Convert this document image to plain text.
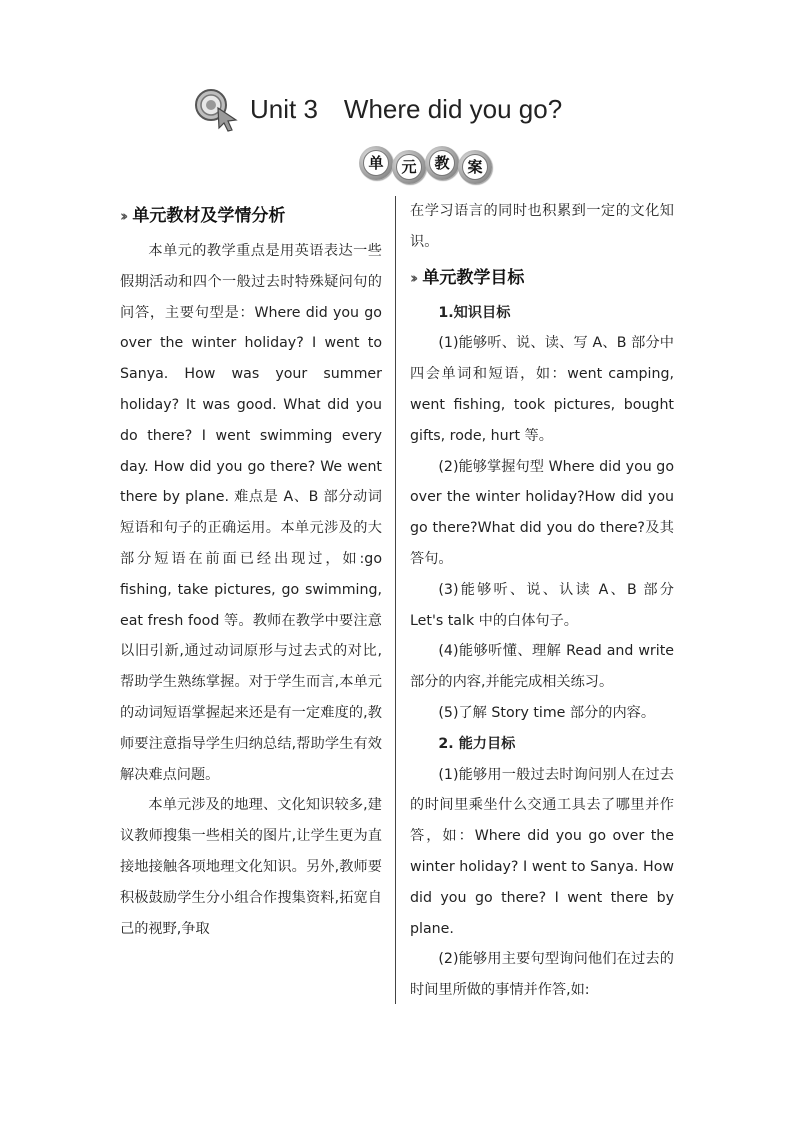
Unit 3 Where did you go?
单	元	教	案
›› 单元教材及学情分析

本单元的教学重点是用英语表达一些假期活动和四个一般过去时特殊疑问句的问答，主要句型是：Where did you go over the winter holiday? I went to Sanya. How was your summer holiday? It was good. What did you do there? I went swimming every day. How did you go there? We went there by plane. 难点是 A、B 部分动词短语和句子的正确运用。本单元涉及的大部分短语在前面已经出现过，如:go fishing, take pictures, go swimming, eat fresh food 等。教师在教学中要注意以旧引新,通过动词原形与过去式的对比,帮助学生熟练掌握。对于学生而言,本单元的动词短语掌握起来还是有一定难度的,教师要注意指导学生归纳总结,帮助学生有效解决难点问题。

本单元涉及的地理、文化知识较多,建议教师搜集一些相关的图片,让学生更为直接地接触各项地理文化知识。另外,教师要积极鼓励学生分小组合作搜集资料,拓宽自己的视野,争取

在学习语言的同时也积累到一定的文化知识。

›› 单元教学目标

1.知识目标

(1)能够听、说、读、写 A、B 部分中四会单词和短语，如：went camping, went fishing, took pictures, bought gifts, rode, hurt 等。

(2)能够掌握句型 Where did you go over the winter holiday?How did you go there?What did you do there?及其答句。

(3)能够听、说、认读 A、B 部分 Let's talk 中的白体句子。

(4)能够听懂、理解 Read and write 部分的内容,并能完成相关练习。

(5)了解 Story time 部分的内容。

2. 能力目标

(1)能够用一般过去时询问别人在过去的时间里乘坐什么交通工具去了哪里并作答，如：Where did you go over the winter holiday? I went to Sanya. How did you go there? I went there by plane.

(2)能够用主要句型询问他们在过去的时间里所做的事情并作答,如:
